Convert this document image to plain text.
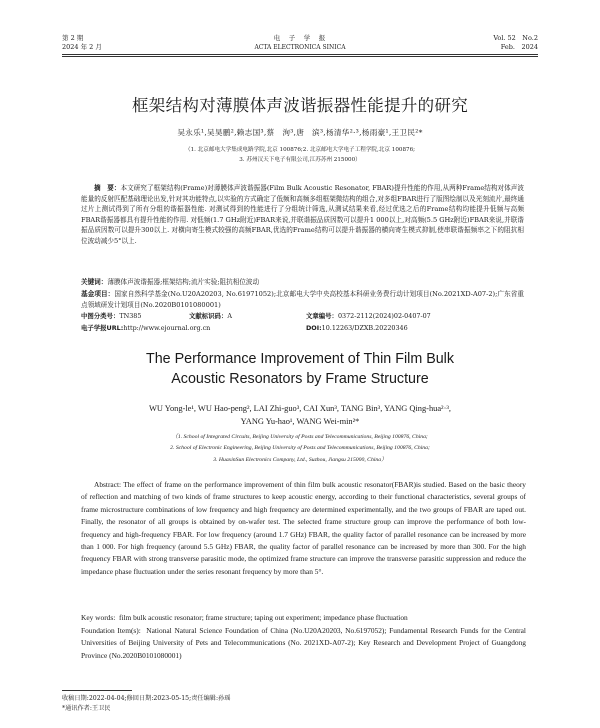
第 2 期
2024 年 2 月
电　子　学　报
ACTA ELECTRONICA SINICA
Vol. 52　No.2
Feb.　2024
框架结构对薄膜体声波谐振器性能提升的研究
吴永乐¹,吴昊鹏²,赖志国³,蔡　洵³,唐　滨³,杨清华²·³,杨雨豪¹,王卫民²*
（1. 北京邮电大学集成电路学院,北京 100876;2. 北京邮电大学电子工程学院,北京 100876;
3. 苏州汉天下电子有限公司,江苏苏州 215000）
摘　要：本文研究了框架结构(Frame)对薄膜体声波谐振器(Film Bulk Acoustic Resonator, FBAR)提升性能的作用,从两种Frame结构对体声波能量的反射匹配基础理论出发,针对其功能特点,以实验的方式确定了低频和高频多组框架微结构的组合,对多组FBAR进行了版图绘制以及光刻流片,最终通过片上测试得到了所有分组的谐振器性能. 对测试得到的性能进行了分组统计筛选,从测试结果来看,经过优选之后的Frame结构均能提升低频与高频FBAR谐振器都具有提升性能的作用. 对低频(1.7 GHz附近)FBAR来说,并联谐振品质因数可以提升1 000以上,对高频(5.5 GHz附近)FBAR来说,并联谐振品质因数可以提升300以上. 对横向寄生模式较强的高频FBAR,优选的Frame结构可以提升谐振器的横向寄生模式抑制,使串联谐振频率之下的阻抗相位波动减少5°以上.
关键词：薄膜体声波谐振器;框架结构;流片实验;阻抗相位波动
基金项目：国家自然科学基金(No.U20A20203, No.61971052);北京邮电大学中央高校基本科研业务费行动计划项目(No.2021XD-A07-2);广东省重点领域研发计划项目(No.2020B0101080001)
中图分类号：TN385	文献标识码：A	文章编号：0372-2112(2024)02-0407-07
电子学报URL:http://www.ejournal.org.cn	DOI:10.12263/DZXB.20220346
The Performance Improvement of Thin Film Bulk
Acoustic Resonators by Frame Structure
WU Yong-le¹, WU Hao-peng², LAI Zhi-guo³, CAI Xun³, TANG Bin³, YANG Qing-hua²·³,
YANG Yu-hao¹, WANG Wei-min²*
（1. School of Integrated Circuits, Beijing University of Posts and Telecommunications, Beijing 100876, China;
2. School of Electronic Engineering, Beijing University of Posts and Telecommunications, Beijing 100876, China;
3. HuaxinSun Electronics Company, Ltd., Suzhou, Jiangsu 215000, China）
Abstract: The effect of frame on the performance improvement of thin film bulk acoustic resonator(FBAR)is studied. Based on the basic theory of reflection and matching of two kinds of frame structures to keep acoustic energy, according to their functional characteristics, several groups of frame microstructure combinations of low frequency and high frequency are determined experimentally, and the two groups of FBAR are taped out. Finally, the resonator of all groups is obtained by on-wafer test. The selected frame structure group can improve the performance of both low-frequency and high-frequency FBAR. For low frequency (around 1.7 GHz) FBAR, the quality factor of parallel resonance can be increased by more than 1 000. For high frequency (around 5.5 GHz) FBAR, the quality factor of parallel resonance can be increased by more than 300. For the high frequency FBAR with strong transverse parasitic mode, the optimized frame structure can improve the transverse parasitic suppression and reduce the impedance phase fluctuation under the series resonant frequency by more than 5°.
Key words: film bulk acoustic resonator; frame structure; taping out experiment; impedance phase fluctuation
Foundation Item(s): National Natural Science Foundation of China (No.U20A20203, No.6197052); Fundamental Research Funds for the Central Universities of Beijing University of Pets and Telecommunications (No. 2021XD-A07-2); Key Research and Development Project of Guangdong Province (No.2020B0101080001)
收稿日期:2022-04-04;修回日期:2023-05-15;责任编辑:孙瑶
*通讯作者:王卫民
